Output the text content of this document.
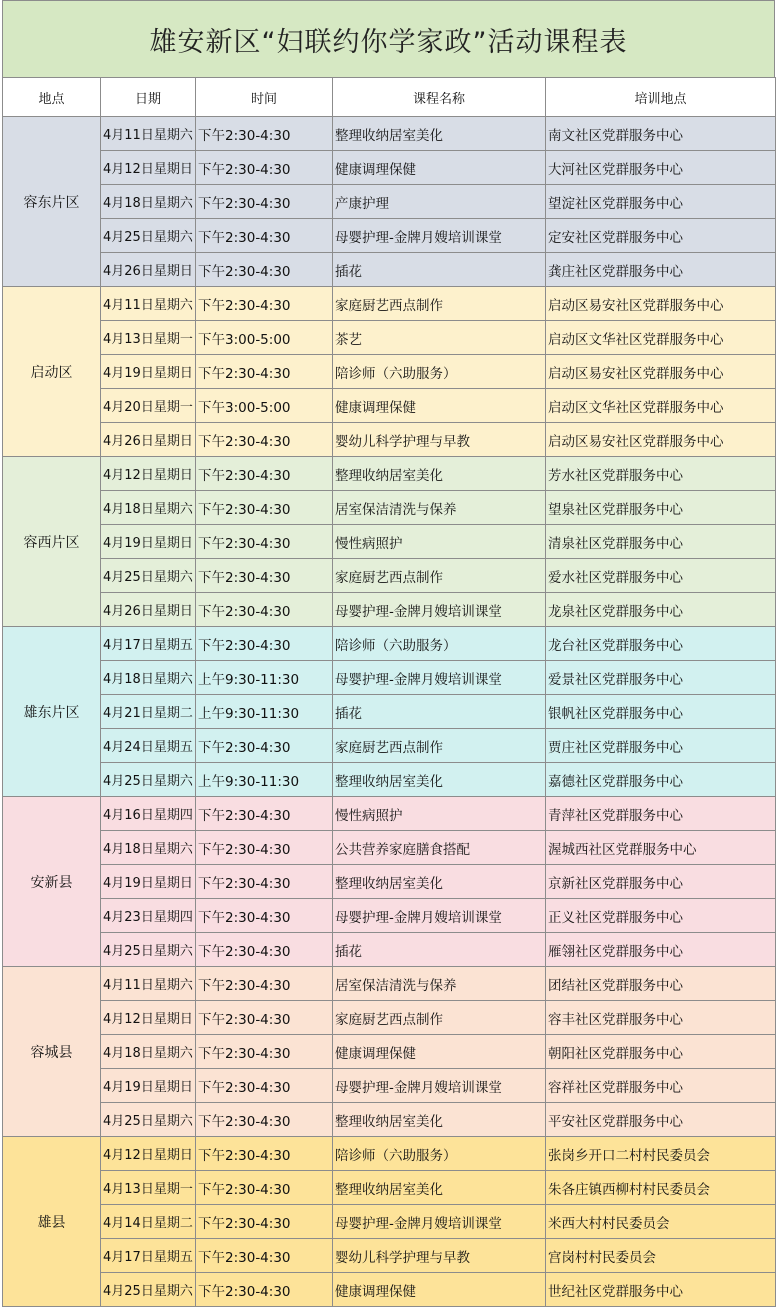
雄安新区“妇联约你学家政”活动课程表
地点	日期	时间	课程名称	培训地点
容东片区	4月11日星期六	下午2:30-4:30	整理收纳居室美化	南文社区党群服务中心
	4月12日星期日	下午2:30-4:30	健康调理保健	大河社区党群服务中心
	4月18日星期六	下午2:30-4:30	产康护理	望淀社区党群服务中心
	4月25日星期六	下午2:30-4:30	母婴护理-金牌月嫂培训课堂	定安社区党群服务中心
	4月26日星期日	下午2:30-4:30	插花	龚庄社区党群服务中心
启动区	4月11日星期六	下午2:30-4:30	家庭厨艺西点制作	启动区易安社区党群服务中心
	4月13日星期一	下午3:00-5:00	茶艺	启动区文华社区党群服务中心
	4月19日星期日	下午2:30-4:30	陪诊师（六助服务）	启动区易安社区党群服务中心
	4月20日星期一	下午3:00-5:00	健康调理保健	启动区文华社区党群服务中心
	4月26日星期日	下午2:30-4:30	婴幼儿科学护理与早教	启动区易安社区党群服务中心
容西片区	4月12日星期日	下午2:30-4:30	整理收纳居室美化	芳水社区党群服务中心
	4月18日星期六	下午2:30-4:30	居室保洁清洗与保养	望泉社区党群服务中心
	4月19日星期日	下午2:30-4:30	慢性病照护	清泉社区党群服务中心
	4月25日星期六	下午2:30-4:30	家庭厨艺西点制作	爱水社区党群服务中心
	4月26日星期日	下午2:30-4:30	母婴护理-金牌月嫂培训课堂	龙泉社区党群服务中心
雄东片区	4月17日星期五	下午2:30-4:30	陪诊师（六助服务）	龙台社区党群服务中心
	4月18日星期六	上午9:30-11:30	母婴护理-金牌月嫂培训课堂	爱景社区党群服务中心
	4月21日星期二	上午9:30-11:30	插花	银帆社区党群服务中心
	4月24日星期五	下午2:30-4:30	家庭厨艺西点制作	贾庄社区党群服务中心
	4月25日星期六	上午9:30-11:30	整理收纳居室美化	嘉德社区党群服务中心
安新县	4月16日星期四	下午2:30-4:30	慢性病照护	青萍社区党群服务中心
	4月18日星期六	下午2:30-4:30	公共营养家庭膳食搭配	渥城西社区党群服务中心
	4月19日星期日	下午2:30-4:30	整理收纳居室美化	京新社区党群服务中心
	4月23日星期四	下午2:30-4:30	母婴护理-金牌月嫂培训课堂	正义社区党群服务中心
	4月25日星期六	下午2:30-4:30	插花	雁翎社区党群服务中心
容城县	4月11日星期六	下午2:30-4:30	居室保洁清洗与保养	团结社区党群服务中心
	4月12日星期日	下午2:30-4:30	家庭厨艺西点制作	容丰社区党群服务中心
	4月18日星期六	下午2:30-4:30	健康调理保健	朝阳社区党群服务中心
	4月19日星期日	下午2:30-4:30	母婴护理-金牌月嫂培训课堂	容祥社区党群服务中心
	4月25日星期六	下午2:30-4:30	整理收纳居室美化	平安社区党群服务中心
雄县	4月12日星期日	下午2:30-4:30	陪诊师（六助服务）	张岗乡开口二村村民委员会
	4月13日星期一	下午2:30-4:30	整理收纳居室美化	朱各庄镇西柳村村民委员会
	4月14日星期二	下午2:30-4:30	母婴护理-金牌月嫂培训课堂	米西大村村民委员会
	4月17日星期五	下午2:30-4:30	婴幼儿科学护理与早教	宫岗村村民委员会
	4月25日星期六	下午2:30-4:30	健康调理保健	世纪社区党群服务中心
